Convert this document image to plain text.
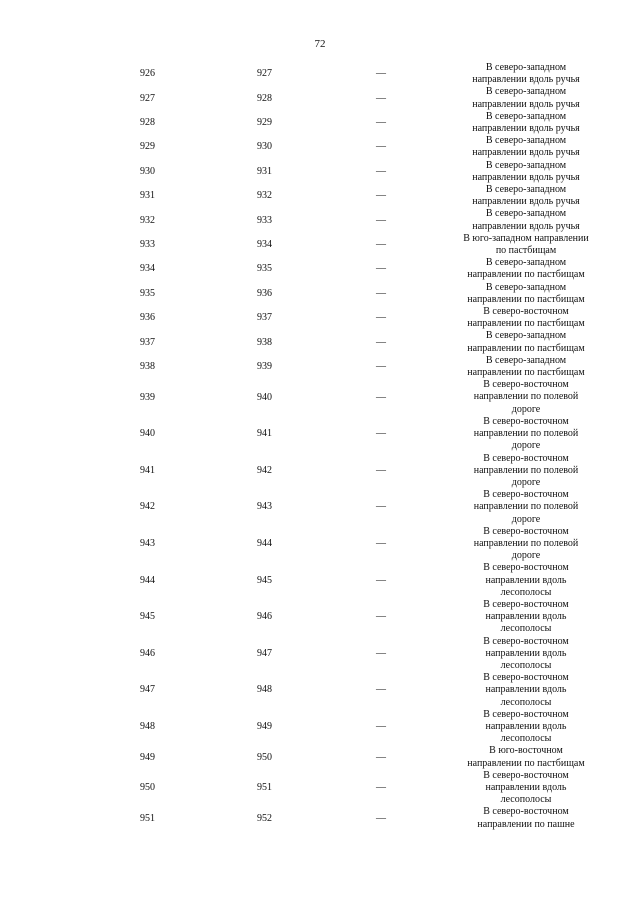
72
926	927	—
В северо-западном
направлении вдоль ручья
927	928	—
В северо-западном
направлении вдоль ручья
928	929	—
В северо-западном
направлении вдоль ручья
929	930	—
В северо-западном
направлении вдоль ручья
930	931	—
В северо-западном
направлении вдоль ручья
931	932	—
В северо-западном
направлении вдоль ручья
932	933	—
В северо-западном
направлении вдоль ручья
933	934	—
В юго-западном направлении
по пастбищам
934	935	—
В северо-западном
направлении по пастбищам
935	936	—
В северо-западном
направлении по пастбищам
936	937	—
В северо-восточном
направлении по пастбищам
937	938	—
В северо-западном
направлении по пастбищам
938	939	—
В северо-западном
направлении по пастбищам
939	940	—
В северо-восточном
направлении по полевой
дороге
940	941	—
В северо-восточном
направлении по полевой
дороге
941	942	—
В северо-восточном
направлении по полевой
дороге
942	943	—
В северо-восточном
направлении по полевой
дороге
943	944	—
В северо-восточном
направлении по полевой
дороге
944	945	—
В северо-восточном
направлении вдоль
лесополосы
945	946	—
В северо-восточном
направлении вдоль
лесополосы
946	947	—
В северо-восточном
направлении вдоль
лесополосы
947	948	—
В северо-восточном
направлении вдоль
лесополосы
948	949	—
В северо-восточном
направлении вдоль
лесополосы
949	950	—
В юго-восточном
направлении по пастбищам
950	951	—
В северо-восточном
направлении вдоль
лесополосы
951	952	—
В северо-восточном
направлении по пашне
